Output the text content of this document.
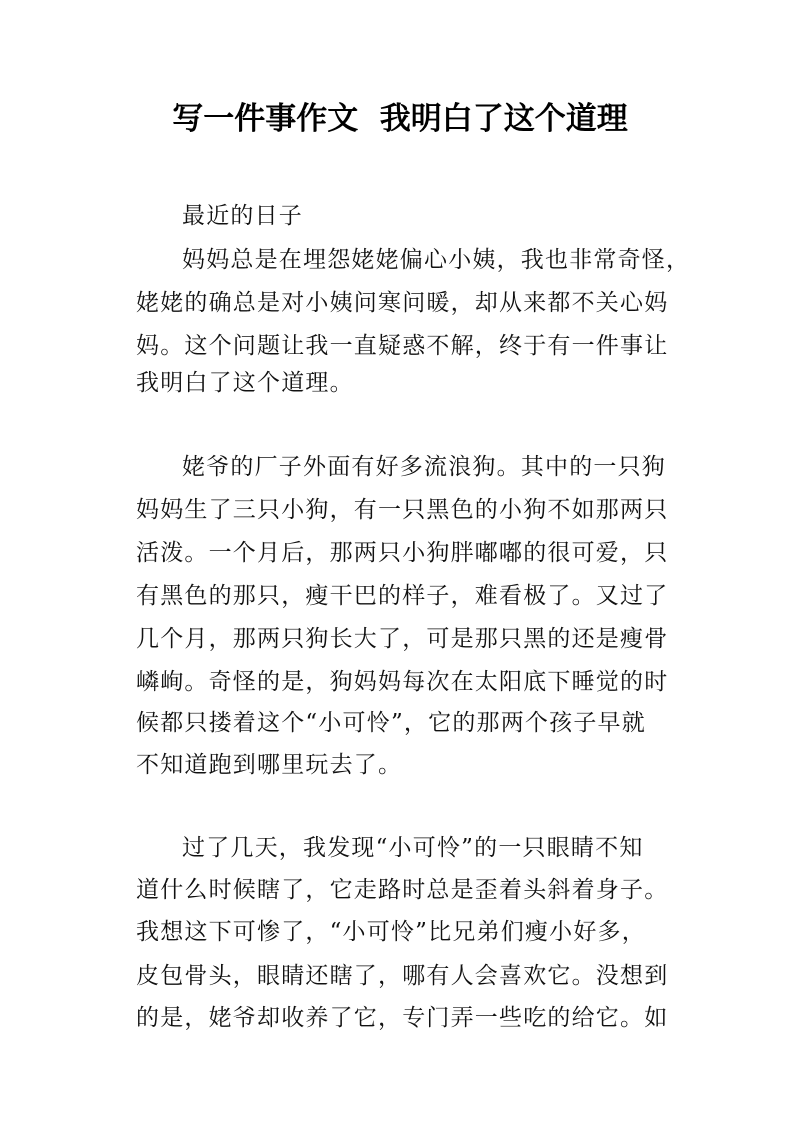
写一件事作文  我明白了这个道理
最近的日子
妈妈总是在埋怨姥姥偏心小姨，我也非常奇怪，
姥姥的确总是对小姨问寒问暖，却从来都不关心妈
妈。这个问题让我一直疑惑不解，终于有一件事让
我明白了这个道理。
姥爷的厂子外面有好多流浪狗。其中的一只狗
妈妈生了三只小狗，有一只黑色的小狗不如那两只
活泼。一个月后，那两只小狗胖嘟嘟的很可爱，只
有黑色的那只，瘦干巴的样子，难看极了。又过了
几个月，那两只狗长大了，可是那只黑的还是瘦骨
嶙峋。奇怪的是，狗妈妈每次在太阳底下睡觉的时
候都只搂着这个“小可怜”，它的那两个孩子早就
不知道跑到哪里玩去了。
过了几天，我发现“小可怜”的一只眼睛不知
道什么时候瞎了，它走路时总是歪着头斜着身子。
我想这下可惨了，“小可怜”比兄弟们瘦小好多，
皮包骨头，眼睛还瞎了，哪有人会喜欢它。没想到
的是，姥爷却收养了它，专门弄一些吃的给它。如
